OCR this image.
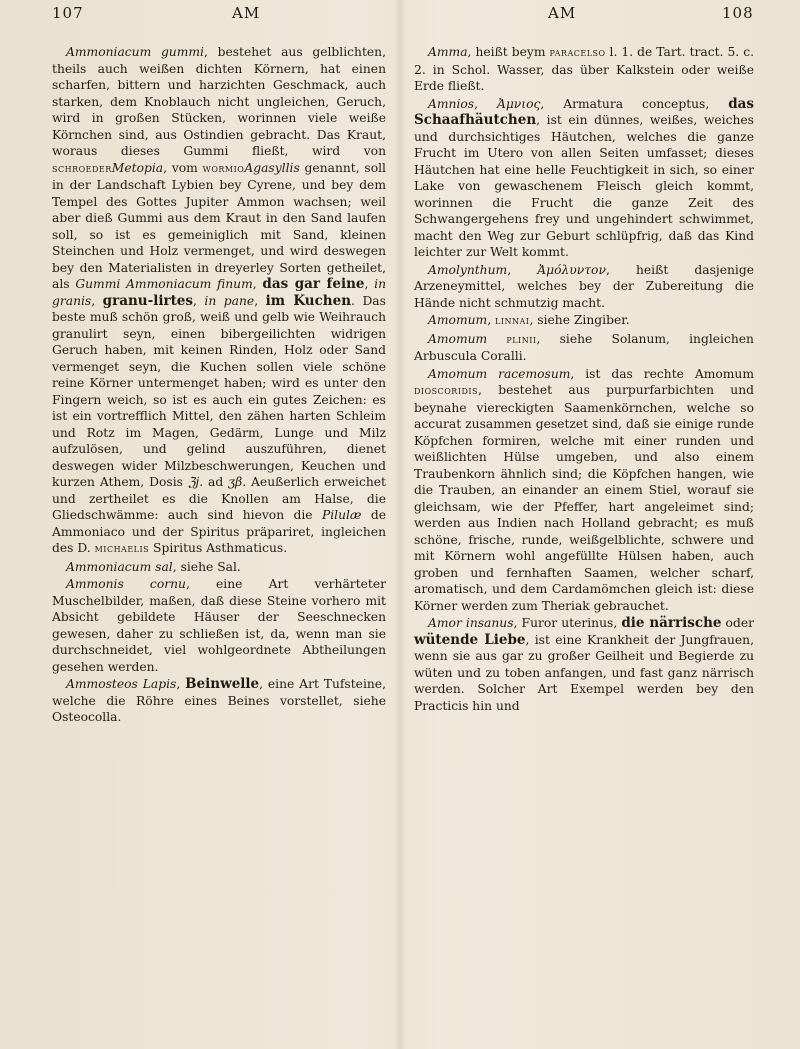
107	AM	AM	108

Ammoniacum gummi, bestehet aus gelblichten, theils auch weißen dichten Körnern, hat einen scharfen, bittern und harzichten Geschmack, auch starken, dem Knoblauch nicht ungleichen, Geruch, wird in großen Stücken, worinnen viele weiße Körnchen sind, aus Ostindien gebracht. Das Kraut, woraus dieses Gummi fließt, wird von schroederMetopia, vom wormioAgasyllis genannt, soll in der Landschaft Lybien bey Cyrene, und bey dem Tempel des Gottes Jupiter Ammon wachsen; weil aber dieß Gummi aus dem Kraut in den Sand laufen soll, so ist es gemeiniglich mit Sand, kleinen Steinchen und Holz vermenget, und wird deswegen bey den Materialisten in dreyerley Sorten getheilet, als Gummi Ammoniacum finum, das gar feine, in granis, granu-lirtes, in pane, im Kuchen. Das beste muß schön groß, weiß und gelb wie Weihrauch granulirt seyn, einen bibergeilichten widrigen Geruch haben, mit keinen Rinden, Holz oder Sand vermenget seyn, die Kuchen sollen viele schöne reine Körner untermenget haben; wird es unter den Fingern weich, so ist es auch ein gutes Zeichen: es ist ein vortrefflich Mittel, den zähen harten Schleim und Rotz im Magen, Gedärm, Lunge und Milz aufzulösen, und gelind auszuführen, dienet deswegen wider Milzbeschwerungen, Keuchen und kurzen Athem, Dosis ℨj. ad ʒβ. Aeußerlich erweichet und zertheilet es die Knollen am Halse, die Gliedschwämme: auch sind hievon die Pilulæ de Ammoniaco und der Spiritus präpariret, ingleichen des D. michaelis Spiritus Asthmaticus.

Ammoniacum sal, siehe Sal.

Ammonis cornu, eine Art verhärteter Muschelbilder, maßen, daß diese Steine vorhero mit Absicht gebildete Häuser der Seeschnecken gewesen, daher zu schließen ist, da, wenn man sie durchschneidet, viel wohlgeordnete Abtheilungen gesehen werden.

Ammosteos Lapis, Beinwelle, eine Art Tufsteine, welche die Röhre eines Beines vorstellet, siehe Osteocolla.

Amma, heißt beym paracelso l. 1. de Tart. tract. 5. c. 2. in Schol. Wasser, das über Kalkstein oder weiße Erde fließt.

Amnios, Ἀμνιος, Armatura conceptus, das Schaafhäutchen, ist ein dünnes, weißes, weiches und durchsichtiges Häutchen, welches die ganze Frucht im Utero von allen Seiten umfasset; dieses Häutchen hat eine helle Feuchtigkeit in sich, so einer Lake von gewaschenem Fleisch gleich kommt, worinnen die Frucht die ganze Zeit des Schwangergehens frey und ungehindert schwimmet, macht den Weg zur Geburt schlüpfrig, daß das Kind leichter zur Welt kommt.

Amolynthum, Ἀμόλυντον, heißt dasjenige Arzeneymittel, welches bey der Zubereitung die Hände nicht schmutzig macht.

Amomum, linnai, siehe Zingiber.

Amomum plinii, siehe Solanum, ingleichen Arbuscula Coralli.

Amomum racemosum, ist das rechte Amomum dioscoridis, bestehet aus purpurfarbichten und beynahe viereckigten Saamenkörnchen, welche so accurat zusammen gesetzet sind, daß sie einige runde Köpfchen formiren, welche mit einer runden und weißlichten Hülse umgeben, und also einem Traubenkorn ähnlich sind; die Köpfchen hangen, wie die Trauben, an einander an einem Stiel, worauf sie gleichsam, wie der Pfeffer, hart angeleimet sind; werden aus Indien nach Holland gebracht; es muß schöne, frische, runde, weißgelblichte, schwere und mit Körnern wohl angefüllte Hülsen haben, auch groben und fernhaften Saamen, welcher scharf, aromatisch, und dem Cardamömchen gleich ist: diese Körner werden zum Theriak gebrauchet.

Amor insanus, Furor uterinus, die närrische oder wütende Liebe, ist eine Krankheit der Jungfrauen, wenn sie aus gar zu großer Geilheit und Begierde zu wüten und zu toben anfangen, und fast ganz närrisch werden. Solcher Art Exempel werden bey den Practicis hin und
